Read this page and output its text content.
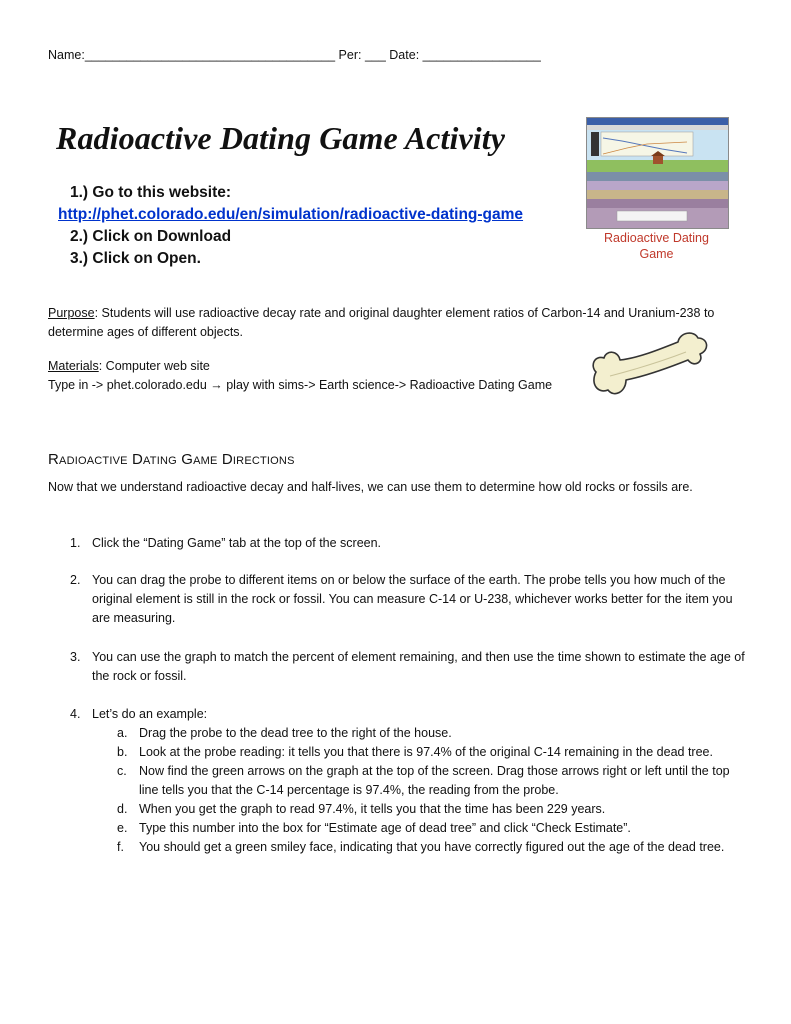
Name:____________________________________ Per: ___ Date: _________________
Radioactive Dating Game Activity
1.) Go to this website:
http://phet.colorado.edu/en/simulation/radioactive-dating-game
2.) Click on Download
3.) Click on Open.
Radioactive Dating
Game
Purpose: Students will use radioactive decay rate and original daughter element ratios of Carbon-14 and Uranium-238 to determine ages of different objects.
Materials: Computer web site
Type in -> phet.colorado.edu → play with sims-> Earth science-> Radioactive Dating Game
Radioactive Dating Game Directions
Now that we understand radioactive decay and half-lives, we can use them to determine how old rocks or fossils are.
1. Click the “Dating Game” tab at the top of the screen.
2. You can drag the probe to different items on or below the surface of the earth. The probe tells you how much of the original element is still in the rock or fossil. You can measure C-14 or U-238, whichever works better for the item you are measuring.
3. You can use the graph to match the percent of element remaining, and then use the time shown to estimate the age of the rock or fossil.
4. Let’s do an example:
a. Drag the probe to the dead tree to the right of the house.
b. Look at the probe reading: it tells you that there is 97.4% of the original C-14 remaining in the dead tree.
c. Now find the green arrows on the graph at the top of the screen. Drag those arrows right or left until the top line tells you that the C-14 percentage is 97.4%, the reading from the probe.
d. When you get the graph to read 97.4%, it tells you that the time has been 229 years.
e. Type this number into the box for “Estimate age of dead tree” and click “Check Estimate”.
f. You should get a green smiley face, indicating that you have correctly figured out the age of the dead tree.
